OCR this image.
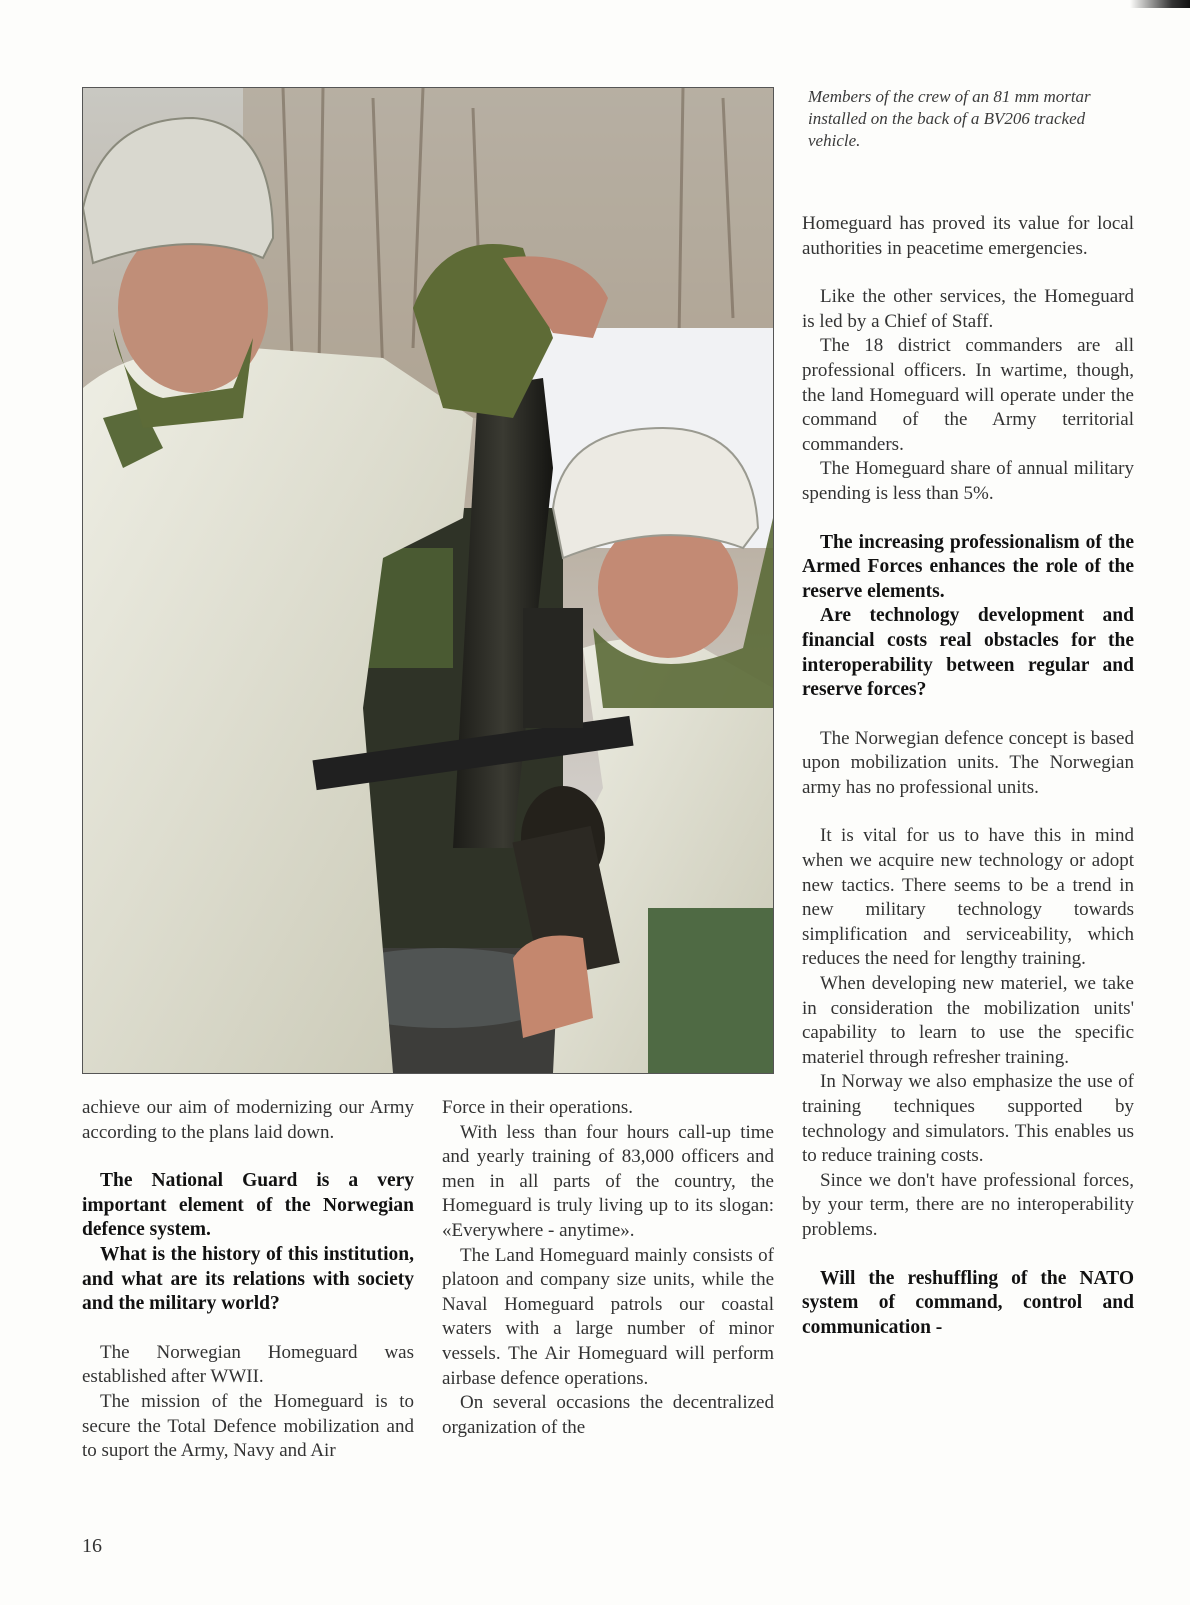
Members of the crew of an 81 mm mortar installed on the back of a BV206 tracked vehicle.

achieve our aim of modernizing our Army according to the plans laid down.

The National Guard is a very important element of the Norwegian defence system.
What is the history of this institution, and what are its relations with society and the military world?

The Norwegian Homeguard was established after WWII.

The mission of the Homeguard is to secure the Total Defence mobilization and to suport the Army, Navy and Air

Force in their operations.

With less than four hours call-up time and yearly training of 83,000 officers and men in all parts of the country, the Homeguard is truly living up to its slogan: «Everywhere - anytime».

The Land Homeguard mainly consists of platoon and company size units, while the Naval Homeguard patrols our coastal waters with a large number of minor vessels. The Air Homeguard will perform airbase defence operations.

On several occasions the decentralized organization of the

Homeguard has proved its value for local authorities in peacetime emergencies.

Like the other services, the Homeguard is led by a Chief of Staff.

The 18 district commanders are all professional officers. In wartime, though, the land Homeguard will operate under the command of the Army territorial commanders.

The Homeguard share of annual military spending is less than 5%.

The increasing professionalism of the Armed Forces enhances the role of the reserve elements.
Are technology development and financial costs real obstacles for the interoperability between regular and reserve forces?

The Norwegian defence concept is based upon mobilization units. The Norwegian army has no professional units.

It is vital for us to have this in mind when we acquire new technology or adopt new tactics. There seems to be a trend in new military technology towards simplification and serviceability, which reduces the need for lengthy training.

When developing new materiel, we take in consideration the mobilization units' capability to learn to use the specific materiel through refresher training.

In Norway we also emphasize the use of training techniques supported by technology and simulators. This enables us to reduce training costs.

Since we don't have professional forces, by your term, there are no interoperability problems.

Will the reshuffling of the NATO system of command, control and communication -
16
